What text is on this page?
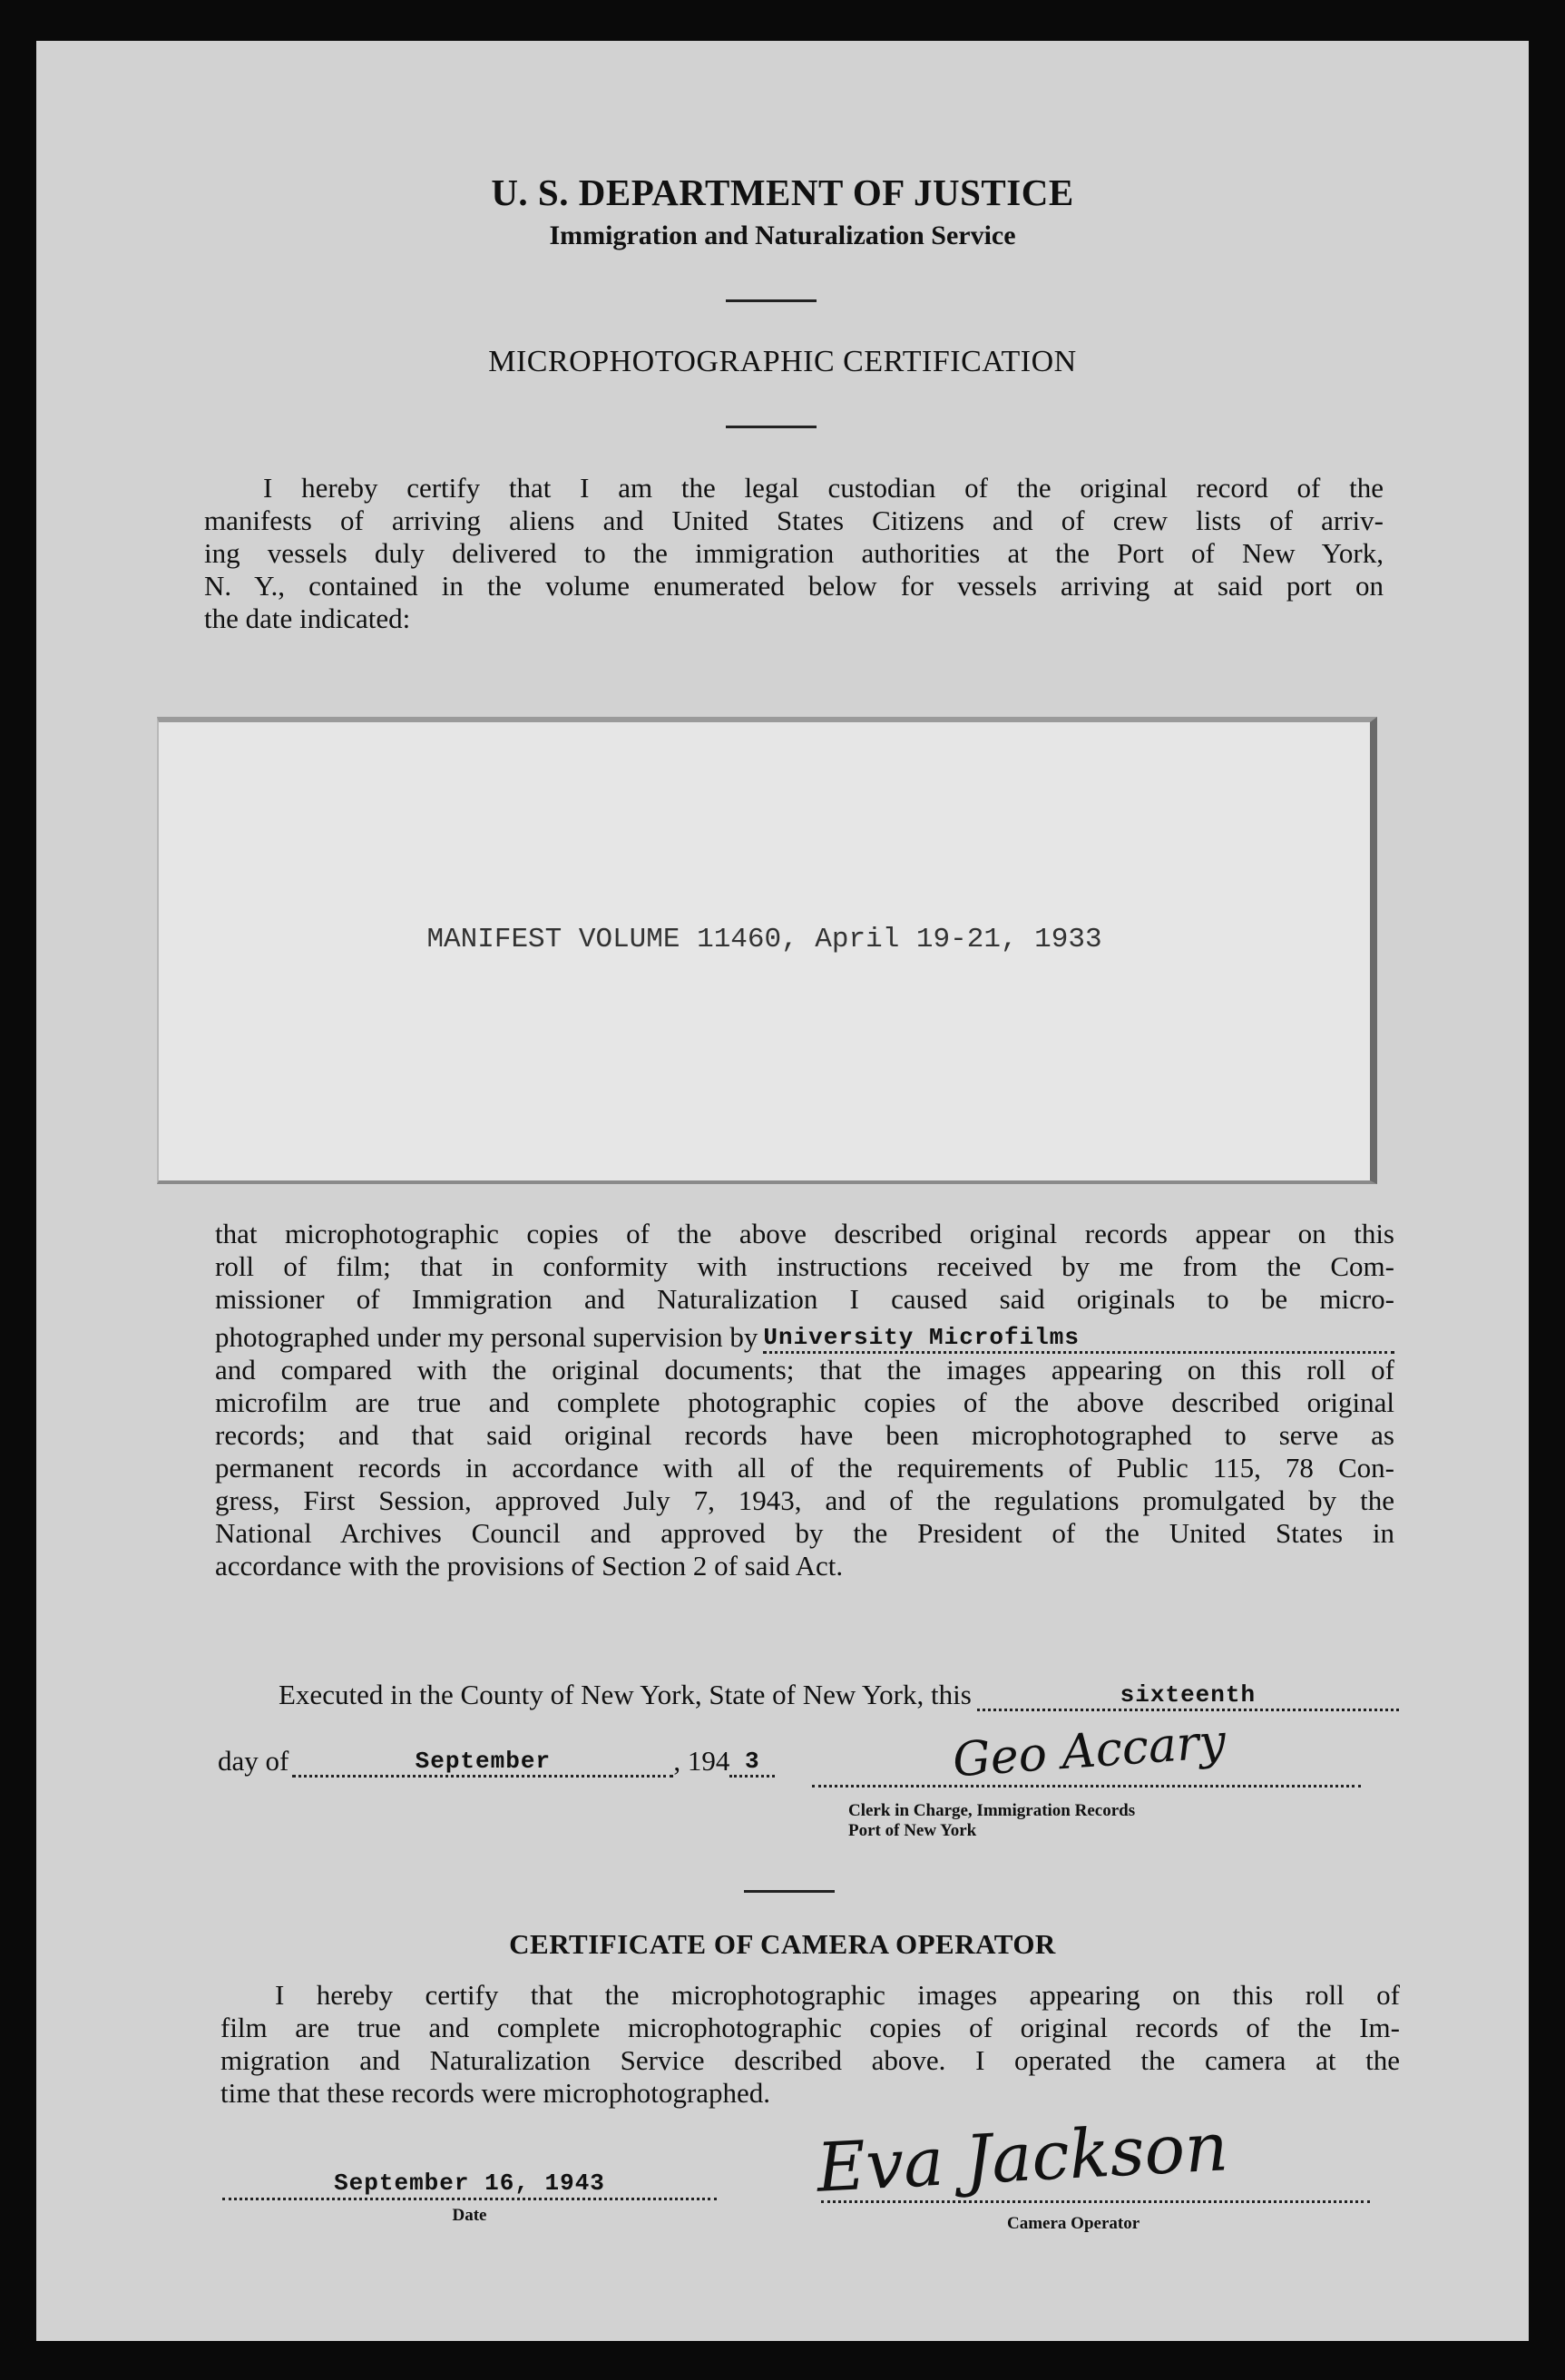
U. S. DEPARTMENT OF JUSTICE

Immigration and Naturalization Service

MICROPHOTOGRAPHIC CERTIFICATION

I hereby certify that I am the legal custodian of the original record of the
manifests of arriving aliens and United States Citizens and of crew lists of arriv-
ing vessels duly delivered to the immigration authorities at the Port of New York,
N. Y., contained in the volume enumerated below for vessels arriving at said port on
the date indicated:
MANIFEST VOLUME 11460, April 19-21, 1933
that microphotographic copies of the above described original records appear on this
roll of film; that in conformity with instructions received by me from the Com-
missioner of Immigration and Naturalization I caused said originals to be micro-
photographed under my personal supervision by University Microfilms
and compared with the original documents; that the images appearing on this roll of
microfilm are true and complete photographic copies of the above described original
records; and that said original records have been microphotographed to serve as
permanent records in accordance with all of the requirements of Public 115, 78 Con-
gress, First Session, approved July 7, 1943, and of the regulations promulgated by the
National Archives Council and approved by the President of the United States in
accordance with the provisions of Section 2 of said Act.
Executed in the County of New York, State of New York, this	sixteenth
day of	September	, 194 3	Geo Accary
Clerk in Charge, Immigration Records
Port of New York

CERTIFICATE OF CAMERA OPERATOR

I hereby certify that the microphotographic images appearing on this roll of
film are true and complete microphotographic copies of original records of the Im-
migration and Naturalization Service described above. I operated the camera at the
time that these records were microphotographed.
September 16, 1943
Date
Eva Jackson
Camera Operator
